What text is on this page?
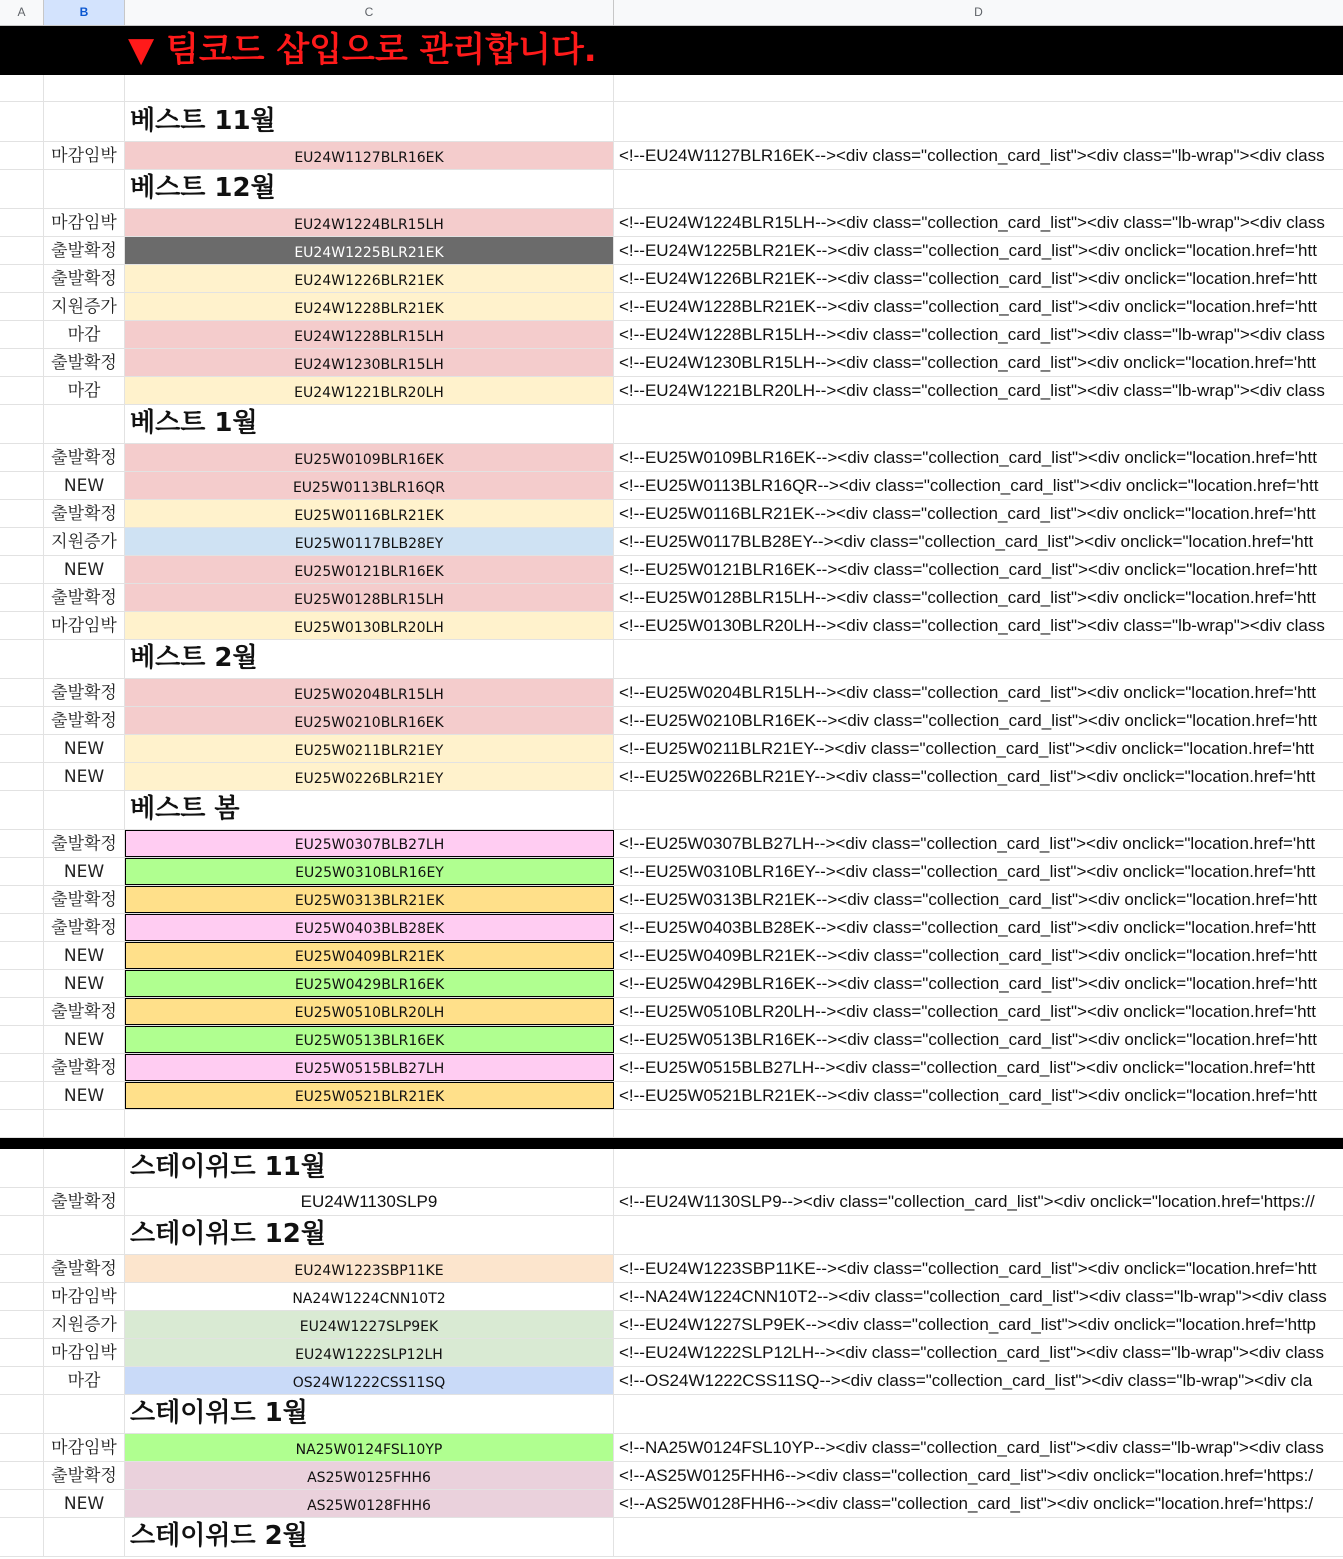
A	B	C	D
베스트 11월
마감임박	EU24W1127BLR16EK	<!--EU24W1127BLR16EK--><div class="collection_card_list"><div class="lb-wrap"><div class
베스트 12월
마감임박	EU24W1224BLR15LH	<!--EU24W1224BLR15LH--><div class="collection_card_list"><div class="lb-wrap"><div class
출발확정	EU24W1225BLR21EK	<!--EU24W1225BLR21EK--><div class="collection_card_list"><div onclick="location.href='htt
출발확정	EU24W1226BLR21EK	<!--EU24W1226BLR21EK--><div class="collection_card_list"><div onclick="location.href='htt
지원증가	EU24W1228BLR21EK	<!--EU24W1228BLR21EK--><div class="collection_card_list"><div onclick="location.href='htt
마감	EU24W1228BLR15LH	<!--EU24W1228BLR15LH--><div class="collection_card_list"><div class="lb-wrap"><div class
출발확정	EU24W1230BLR15LH	<!--EU24W1230BLR15LH--><div class="collection_card_list"><div onclick="location.href='htt
마감	EU24W1221BLR20LH	<!--EU24W1221BLR20LH--><div class="collection_card_list"><div class="lb-wrap"><div class
베스트 1월
출발확정	EU25W0109BLR16EK	<!--EU25W0109BLR16EK--><div class="collection_card_list"><div onclick="location.href='htt
NEW	EU25W0113BLR16QR	<!--EU25W0113BLR16QR--><div class="collection_card_list"><div onclick="location.href='htt
출발확정	EU25W0116BLR21EK	<!--EU25W0116BLR21EK--><div class="collection_card_list"><div onclick="location.href='htt
지원증가	EU25W0117BLB28EY	<!--EU25W0117BLB28EY--><div class="collection_card_list"><div onclick="location.href='htt
NEW	EU25W0121BLR16EK	<!--EU25W0121BLR16EK--><div class="collection_card_list"><div onclick="location.href='htt
출발확정	EU25W0128BLR15LH	<!--EU25W0128BLR15LH--><div class="collection_card_list"><div onclick="location.href='htt
마감임박	EU25W0130BLR20LH	<!--EU25W0130BLR20LH--><div class="collection_card_list"><div class="lb-wrap"><div class
베스트 2월
출발확정	EU25W0204BLR15LH	<!--EU25W0204BLR15LH--><div class="collection_card_list"><div onclick="location.href='htt
출발확정	EU25W0210BLR16EK	<!--EU25W0210BLR16EK--><div class="collection_card_list"><div onclick="location.href='htt
NEW	EU25W0211BLR21EY	<!--EU25W0211BLR21EY--><div class="collection_card_list"><div onclick="location.href='htt
NEW	EU25W0226BLR21EY	<!--EU25W0226BLR21EY--><div class="collection_card_list"><div onclick="location.href='htt
베스트 봄
출발확정	EU25W0307BLB27LH	<!--EU25W0307BLB27LH--><div class="collection_card_list"><div onclick="location.href='htt
NEW	EU25W0310BLR16EY	<!--EU25W0310BLR16EY--><div class="collection_card_list"><div onclick="location.href='htt
출발확정	EU25W0313BLR21EK	<!--EU25W0313BLR21EK--><div class="collection_card_list"><div onclick="location.href='htt
출발확정	EU25W0403BLB28EK	<!--EU25W0403BLB28EK--><div class="collection_card_list"><div onclick="location.href='htt
NEW	EU25W0409BLR21EK	<!--EU25W0409BLR21EK--><div class="collection_card_list"><div onclick="location.href='htt
NEW	EU25W0429BLR16EK	<!--EU25W0429BLR16EK--><div class="collection_card_list"><div onclick="location.href='htt
출발확정	EU25W0510BLR20LH	<!--EU25W0510BLR20LH--><div class="collection_card_list"><div onclick="location.href='htt
NEW	EU25W0513BLR16EK	<!--EU25W0513BLR16EK--><div class="collection_card_list"><div onclick="location.href='htt
출발확정	EU25W0515BLB27LH	<!--EU25W0515BLB27LH--><div class="collection_card_list"><div onclick="location.href='htt
NEW	EU25W0521BLR21EK	<!--EU25W0521BLR21EK--><div class="collection_card_list"><div onclick="location.href='htt
스테이위드 11월
출발확정	EU24W1130SLP9	<!--EU24W1130SLP9--><div class="collection_card_list"><div onclick="location.href='https://
스테이위드 12월
출발확정	EU24W1223SBP11KE	<!--EU24W1223SBP11KE--><div class="collection_card_list"><div onclick="location.href='htt
마감임박	NA24W1224CNN10T2	<!--NA24W1224CNN10T2--><div class="collection_card_list"><div class="lb-wrap"><div class
지원증가	EU24W1227SLP9EK	<!--EU24W1227SLP9EK--><div class="collection_card_list"><div onclick="location.href='http
마감임박	EU24W1222SLP12LH	<!--EU24W1222SLP12LH--><div class="collection_card_list"><div class="lb-wrap"><div class
마감	OS24W1222CSS11SQ	<!--OS24W1222CSS11SQ--><div class="collection_card_list"><div class="lb-wrap"><div cla
스테이위드 1월
마감임박	NA25W0124FSL10YP	<!--NA25W0124FSL10YP--><div class="collection_card_list"><div class="lb-wrap"><div class
출발확정	AS25W0125FHH6	<!--AS25W0125FHH6--><div class="collection_card_list"><div onclick="location.href='https:/
NEW	AS25W0128FHH6	<!--AS25W0128FHH6--><div class="collection_card_list"><div onclick="location.href='https:/
스테이위드 2월
▼ 팀코드 삽입으로 관리합니다.
